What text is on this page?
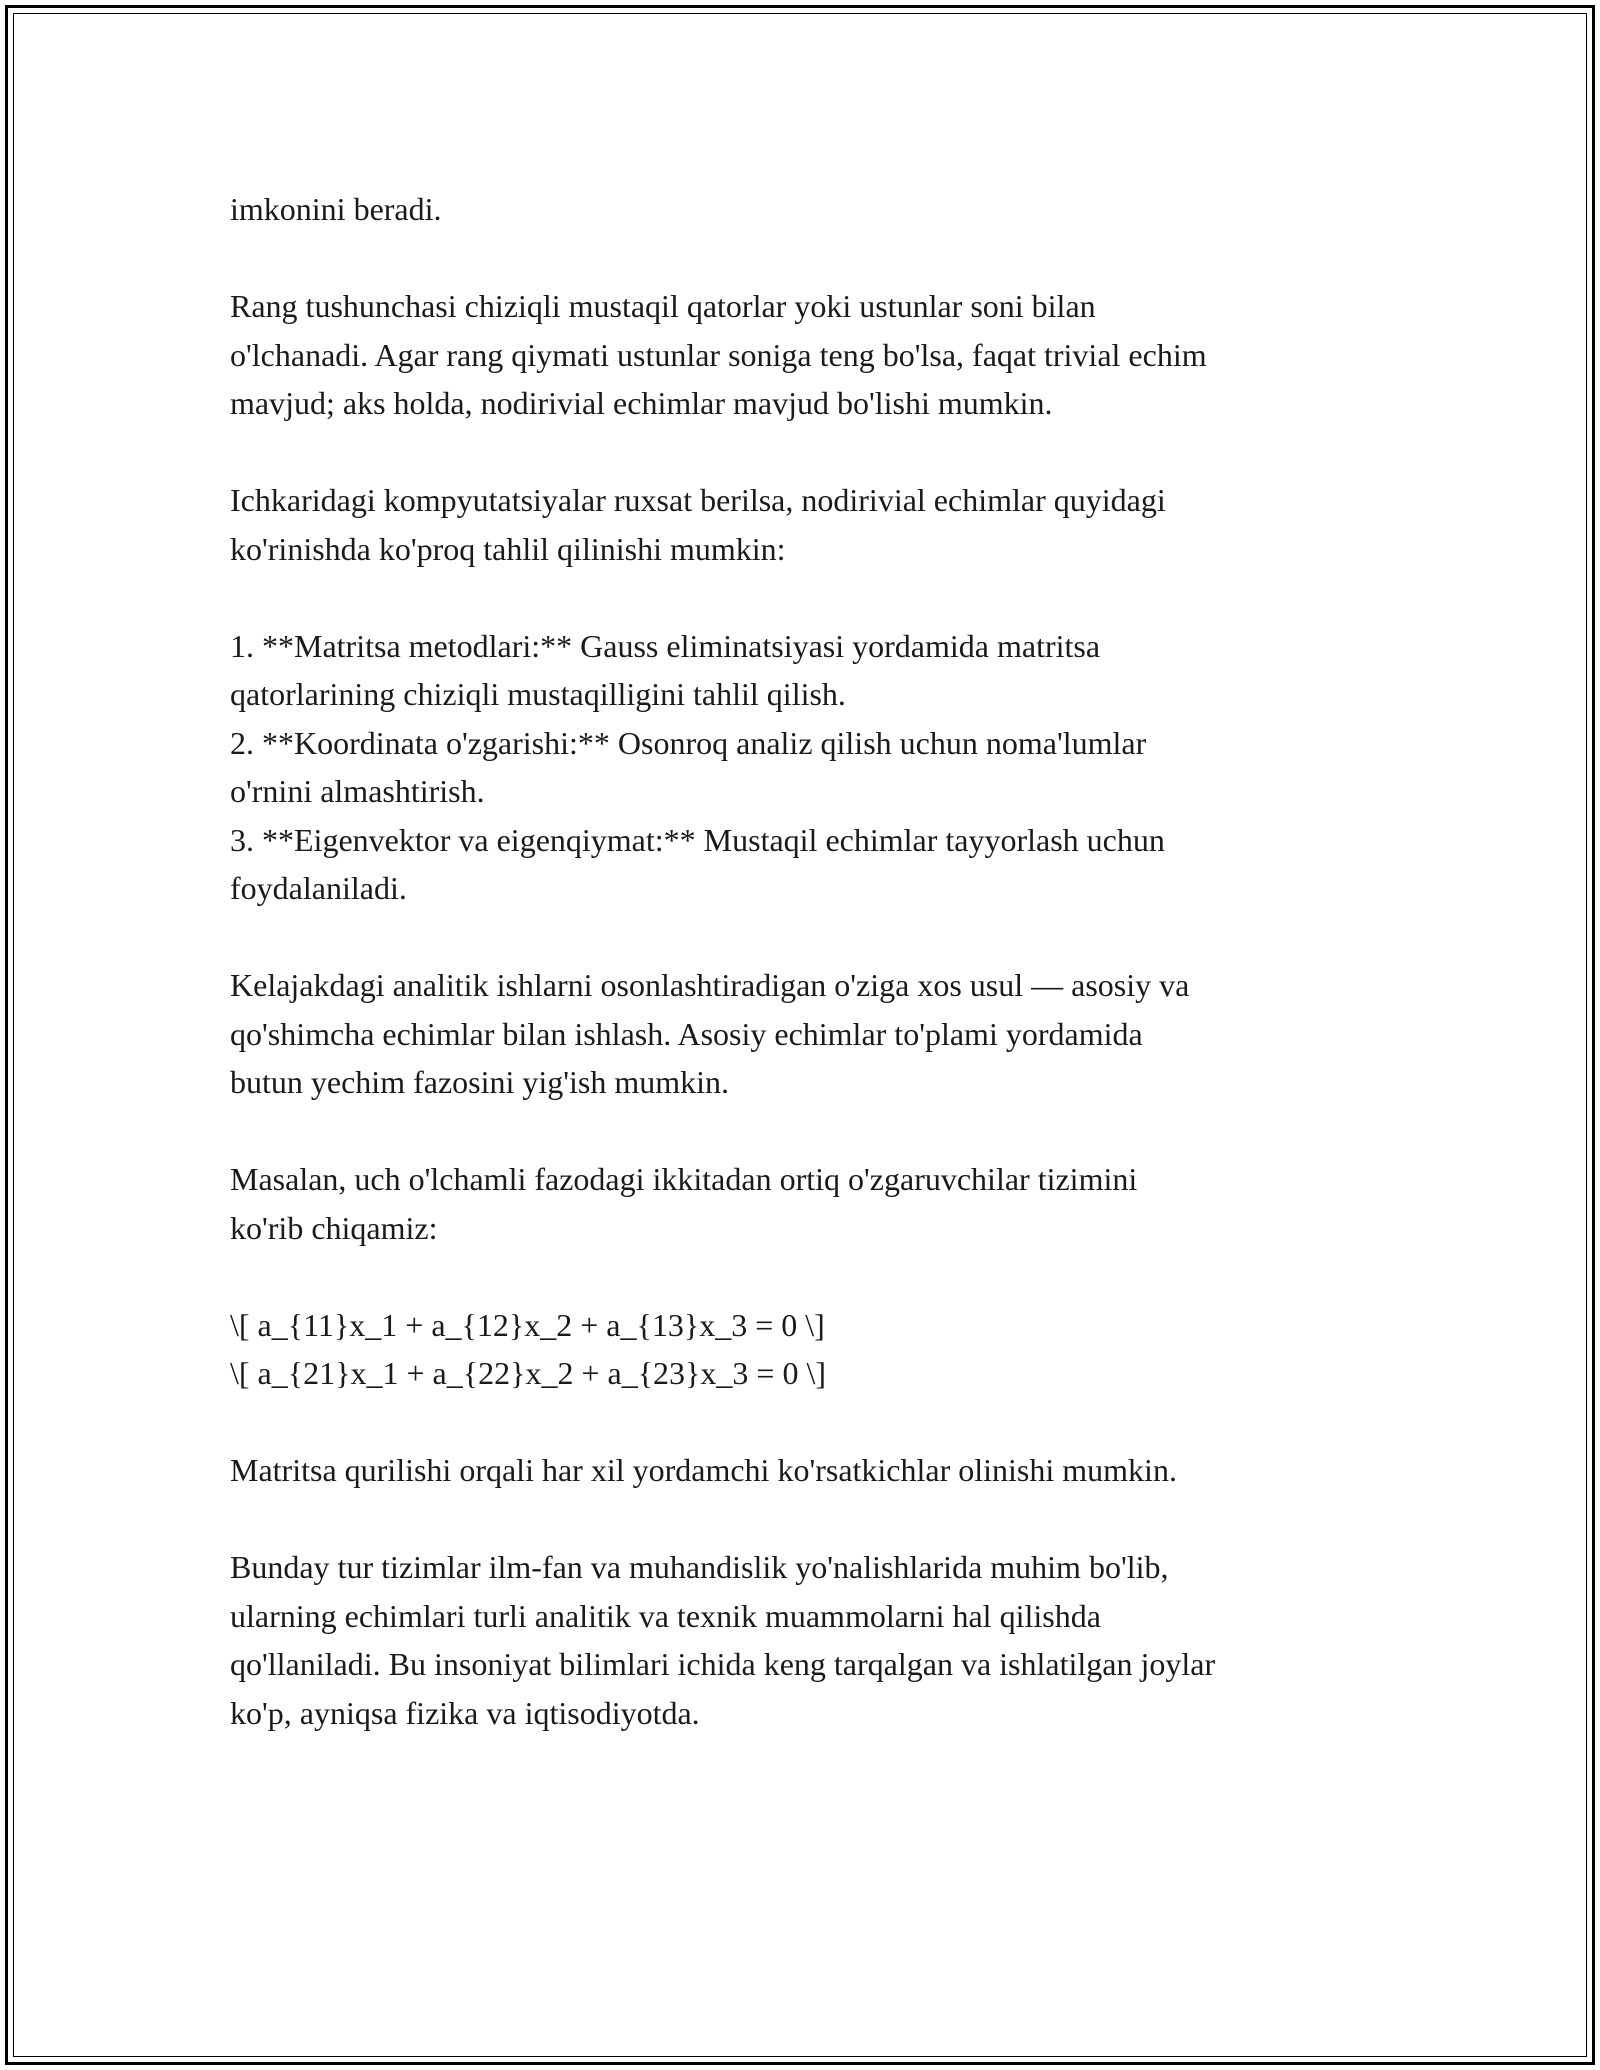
imkonini beradi.

Rang tushunchasi chiziqli mustaqil qatorlar yoki ustunlar soni bilan

o'lchanadi. Agar rang qiymati ustunlar soniga teng bo'lsa, faqat trivial echim

mavjud; aks holda, nodirivial echimlar mavjud bo'lishi mumkin.

Ichkaridagi kompyutatsiyalar ruxsat berilsa, nodirivial echimlar quyidagi

ko'rinishda ko'proq tahlil qilinishi mumkin:

1. **Matritsa metodlari:** Gauss eliminatsiyasi yordamida matritsa

qatorlarining chiziqli mustaqilligini tahlil qilish.

2. **Koordinata o'zgarishi:** Osonroq analiz qilish uchun noma'lumlar

o'rnini almashtirish.

3. **Eigenvektor va eigenqiymat:** Mustaqil echimlar tayyorlash uchun

foydalaniladi.

Kelajakdagi analitik ishlarni osonlashtiradigan o'ziga xos usul — asosiy va

qo'shimcha echimlar bilan ishlash. Asosiy echimlar to'plami yordamida

butun yechim fazosini yig'ish mumkin.

Masalan, uch o'lchamli fazodagi ikkitadan ortiq o'zgaruvchilar tizimini

ko'rib chiqamiz:

\[ a_{11}x_1 + a_{12}x_2 + a_{13}x_3 = 0 \]

\[ a_{21}x_1 + a_{22}x_2 + a_{23}x_3 = 0 \]

Matritsa qurilishi orqali har xil yordamchi ko'rsatkichlar olinishi mumkin.

Bunday tur tizimlar ilm-fan va muhandislik yo'nalishlarida muhim bo'lib,

ularning echimlari turli analitik va texnik muammolarni hal qilishda

qo'llaniladi. Bu insoniyat bilimlari ichida keng tarqalgan va ishlatilgan joylar

ko'p, ayniqsa fizika va iqtisodiyotda.
